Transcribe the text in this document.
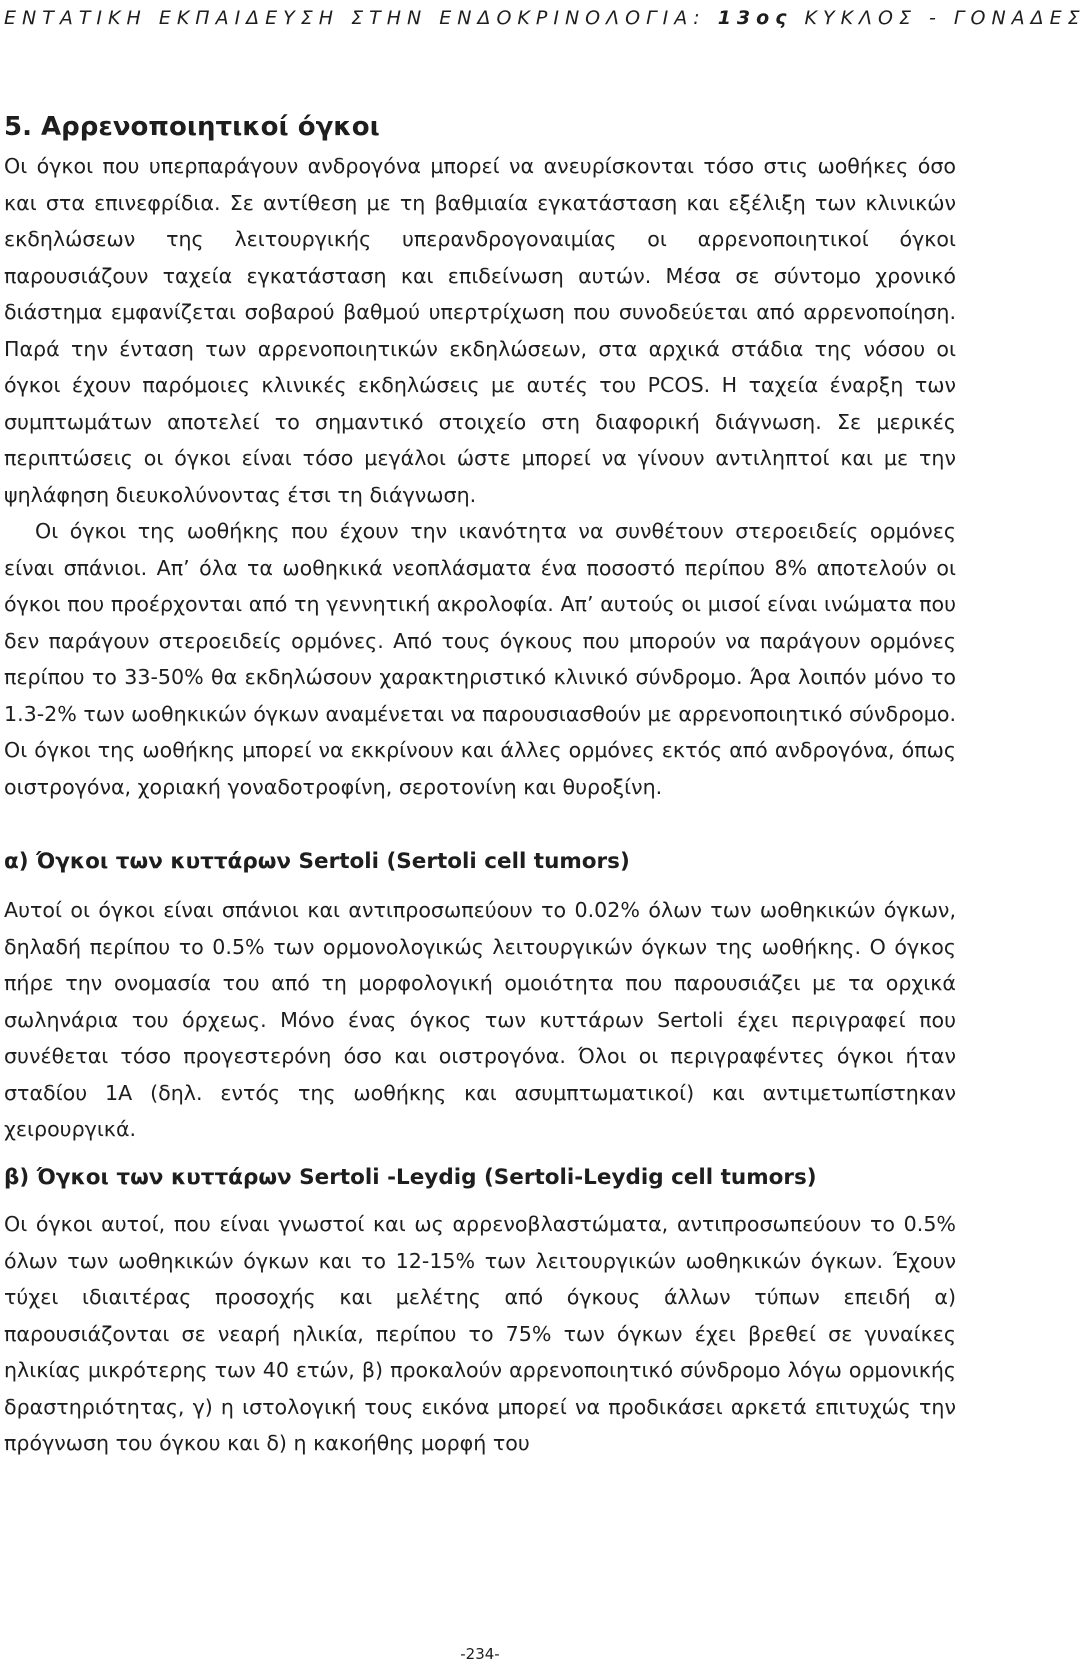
ΕΝΤΑΤΙΚΗ ΕΚΠΑΙΔΕΥΣΗ ΣΤΗΝ ΕΝΔΟΚΡΙΝΟΛΟΓΙΑ: 13ος ΚΥΚΛΟΣ - ΓΟΝΑΔΕΣ
5. Αρρενοποιητικοί όγκοι

Οι όγκοι που υπερπαράγουν ανδρογόνα μπορεί να ανευρίσκονται τόσο στις ωοθήκες όσο και στα επινεφρίδια. Σε αντίθεση με τη βαθμιαία εγκατάσταση και εξέλιξη των κλινικών εκδηλώσεων της λειτουργικής υπερανδρογοναιμίας οι αρρενοποιητικοί όγκοι παρουσιάζουν ταχεία εγκατάσταση και επιδείνωση αυτών. Μέσα σε σύντομο χρονικό διάστημα εμφανίζεται σοβαρού βαθμού υπερτρίχωση που συνοδεύεται από αρρενοποίηση. Παρά την ένταση των αρρενοποιητικών εκδηλώσεων, στα αρχικά στάδια της νόσου οι όγκοι έχουν παρόμοιες κλινικές εκδηλώσεις με αυτές του PCOS. Η ταχεία έναρξη των συμπτωμάτων αποτελεί το σημαντικό στοιχείο στη διαφορική διάγνωση. Σε μερικές περιπτώσεις οι όγκοι είναι τόσο μεγάλοι ώστε μπορεί να γίνουν αντιληπτοί και με την ψηλάφηση διευκολύνοντας έτσι τη διάγνωση.

Οι όγκοι της ωοθήκης που έχουν την ικανότητα να συνθέτουν στεροειδείς ορμόνες είναι σπάνιοι. Απ’ όλα τα ωοθηκικά νεοπλάσματα ένα ποσοστό περίπου 8% αποτελούν οι όγκοι που προέρχονται από τη γεννητική ακρολοφία. Απ’ αυτούς οι μισοί είναι ινώματα που δεν παράγουν στεροειδείς ορμόνες. Από τους όγκους που μπορούν να παράγουν ορμόνες περίπου το 33-50% θα εκδηλώσουν χαρακτηριστικό κλινικό σύνδρομο. Άρα λοιπόν μόνο το 1.3-2% των ωοθηκικών όγκων αναμένεται να παρουσιασθούν με αρρενοποιητικό σύνδρομο. Οι όγκοι της ωοθήκης μπορεί να εκκρίνουν και άλλες ορμόνες εκτός από ανδρογόνα, όπως οιστρογόνα, χοριακή γοναδοτροφίνη, σεροτονίνη και θυροξίνη.

α) Όγκοι των κυττάρων Sertoli (Sertoli cell tumors)

Αυτοί οι όγκοι είναι σπάνιοι και αντιπροσωπεύουν το 0.02% όλων των ωοθηκικών όγκων, δηλαδή περίπου το 0.5% των ορμονολογικώς λειτουργικών όγκων της ωοθήκης. Ο όγκος πήρε την ονομασία του από τη μορφολογική ομοιότητα που παρουσιάζει με τα ορχικά σωληνάρια του όρχεως. Μόνο ένας όγκος των κυττάρων Sertoli έχει περιγραφεί που συνέθεται τόσο προγεστερόνη όσο και οιστρογόνα. Όλοι οι περιγραφέντες όγκοι ήταν σταδίου 1Α (δηλ. εντός της ωοθήκης και ασυμπτωματικοί) και αντιμετωπίστηκαν χειρουργικά.

β) Όγκοι των κυττάρων Sertoli -Leydig (Sertoli-Leydig cell tumors)

Οι όγκοι αυτοί, που είναι γνωστοί και ως αρρενοβλαστώματα, αντιπροσωπεύουν το 0.5% όλων των ωοθηκικών όγκων και το 12-15% των λειτουργικών ωοθηκικών όγκων. Έχουν τύχει ιδιαιτέρας προσοχής και μελέτης από όγκους άλλων τύπων επειδή α) παρουσιάζονται σε νεαρή ηλικία, περίπου το 75% των όγκων έχει βρεθεί σε γυναίκες ηλικίας μικρότερης των 40 ετών, β) προκαλούν αρρενοποιητικό σύνδρομο λόγω ορμονικής δραστηριότητας, γ) η ιστολογική τους εικόνα μπορεί να προδικάσει αρκετά επιτυχώς την πρόγνωση του όγκου και δ) η κακοήθης μορφή του

-234-
